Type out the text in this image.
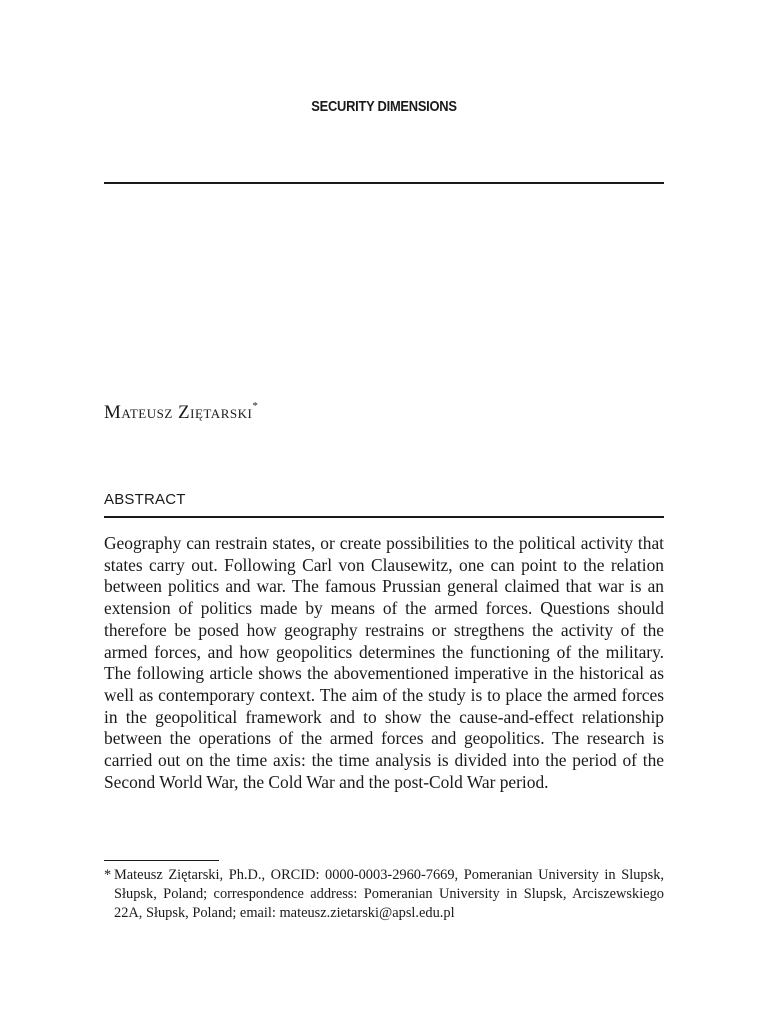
SECURITY DIMENSIONS
Mateusz Ziętarski*
ABSTRACT

Geography can restrain states, or create possibilities to the political activity that states carry out. Following Carl von Clausewitz, one can point to the relation between politics and war. The famous Prussian general claimed that war is an extension of politics made by means of the armed forces. Questions should therefore be posed how geography restrains or stregthens the activity of the armed forces, and how geopolitics determines the functioning of the military. The following article shows the abovementioned imperative in the historical as well as contemporary context. The aim of the study is to place the armed forces in the geopolitical framework and to show the cause-and-effect relationship between the operations of the armed forces and geopolitics. The research is carried out on the time axis: the time analysis is divided into the period of the Second World War, the Cold War and the post-Cold War period.

* Mateusz Ziętarski, Ph.D., ORCID: 0000-0003-2960-7669, Pomeranian University in Slupsk, Słupsk, Poland; correspondence address: Pomeranian University in Slupsk, Arciszewskiego 22A, Słupsk, Poland; email: mateusz.zietarski@apsl.edu.pl
